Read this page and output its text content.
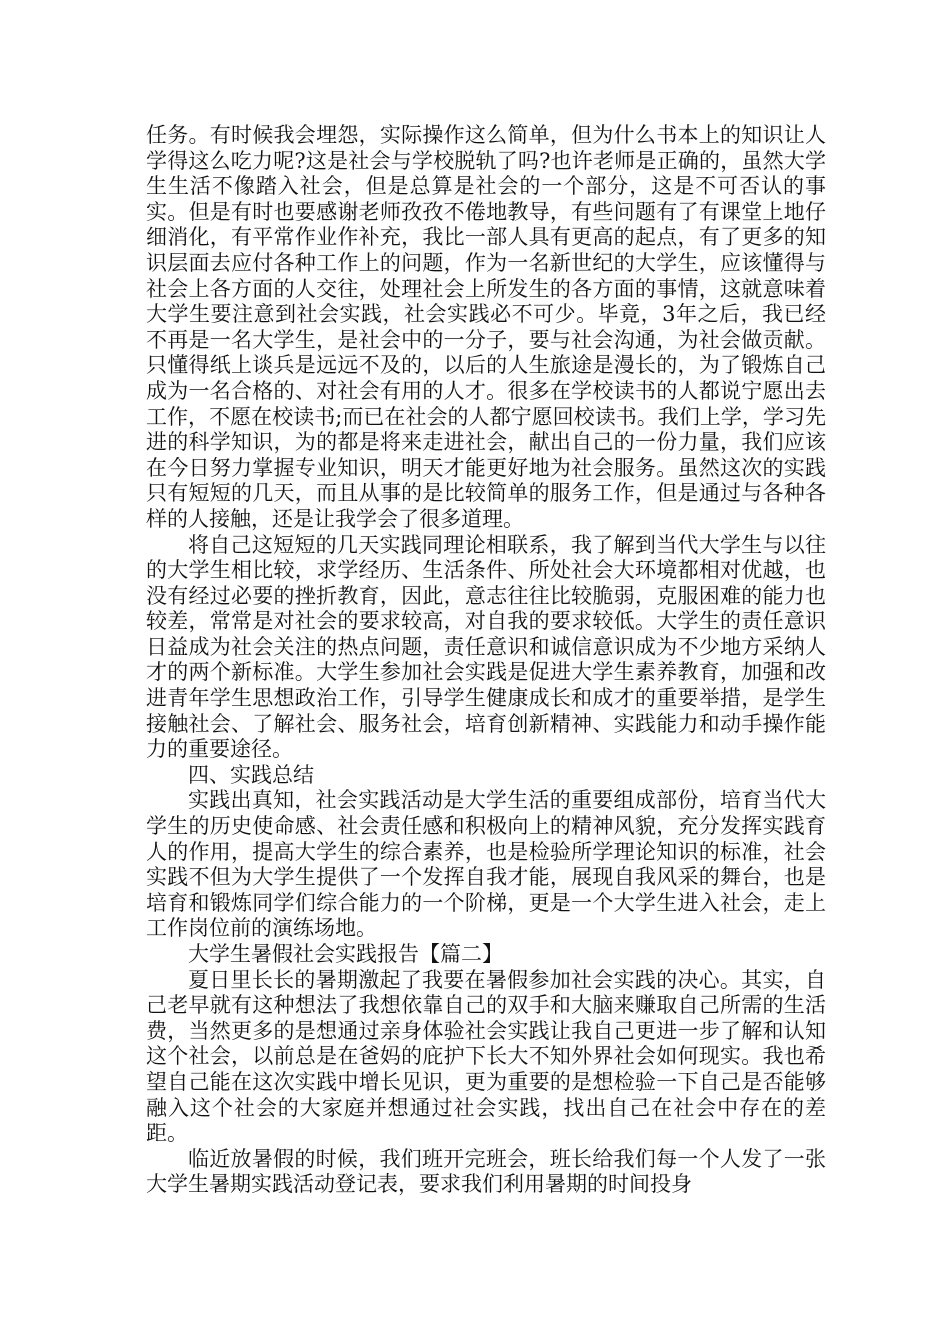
任务。有时候我会埋怨，实际操作这么简单，但为什么书本上的知识让人学得这么吃力呢?这是社会与学校脱轨了吗?也许老师是正确的，虽然大学生生活不像踏入社会，但是总算是社会的一个部分，这是不可否认的事实。但是有时也要感谢老师孜孜不倦地教导，有些问题有了有课堂上地仔细消化，有平常作业作补充，我比一部人具有更高的起点，有了更多的知识层面去应付各种工作上的问题，作为一名新世纪的大学生，应该懂得与社会上各方面的人交往，处理社会上所发生的各方面的事情，这就意味着大学生要注意到社会实践，社会实践必不可少。毕竟，3年之后，我已经不再是一名大学生，是社会中的一分子，要与社会沟通，为社会做贡献。只懂得纸上谈兵是远远不及的，以后的人生旅途是漫长的，为了锻炼自己成为一名合格的、对社会有用的人才。很多在学校读书的人都说宁愿出去工作，不愿在校读书;而已在社会的人都宁愿回校读书。我们上学，学习先进的科学知识，为的都是将来走进社会，献出自己的一份力量，我们应该在今日努力掌握专业知识，明天才能更好地为社会服务。虽然这次的实践只有短短的几天，而且从事的是比较简单的服务工作，但是通过与各种各样的人接触，还是让我学会了很多道理。

将自己这短短的几天实践同理论相联系，我了解到当代大学生与以往的大学生相比较，求学经历、生活条件、所处社会大环境都相对优越，也没有经过必要的挫折教育，因此，意志往往比较脆弱，克服困难的能力也较差，常常是对社会的要求较高，对自我的要求较低。大学生的责任意识日益成为社会关注的热点问题，责任意识和诚信意识成为不少地方采纳人才的两个新标准。大学生参加社会实践是促进大学生素养教育，加强和改进青年学生思想政治工作，引导学生健康成长和成才的重要举措，是学生接触社会、了解社会、服务社会，培育创新精神、实践能力和动手操作能力的重要途径。

四、实践总结

实践出真知，社会实践活动是大学生活的重要组成部份，培育当代大学生的历史使命感、社会责任感和积极向上的精神风貌，充分发挥实践育人的作用，提高大学生的综合素养，也是检验所学理论知识的标准，社会实践不但为大学生提供了一个发挥自我才能，展现自我风采的舞台，也是培育和锻炼同学们综合能力的一个阶梯，更是一个大学生进入社会，走上工作岗位前的演练场地。

大学生暑假社会实践报告【篇二】

夏日里长长的暑期激起了我要在暑假参加社会实践的决心。其实，自己老早就有这种想法了我想依靠自己的双手和大脑来赚取自己所需的生活费，当然更多的是想通过亲身体验社会实践让我自己更进一步了解和认知这个社会，以前总是在爸妈的庇护下长大不知外界社会如何现实。我也希望自己能在这次实践中增长见识，更为重要的是想检验一下自己是否能够融入这个社会的大家庭并想通过社会实践，找出自己在社会中存在的差距。

临近放暑假的时候，我们班开完班会，班长给我们每一个人发了一张大学生暑期实践活动登记表，要求我们利用暑期的时间投身
